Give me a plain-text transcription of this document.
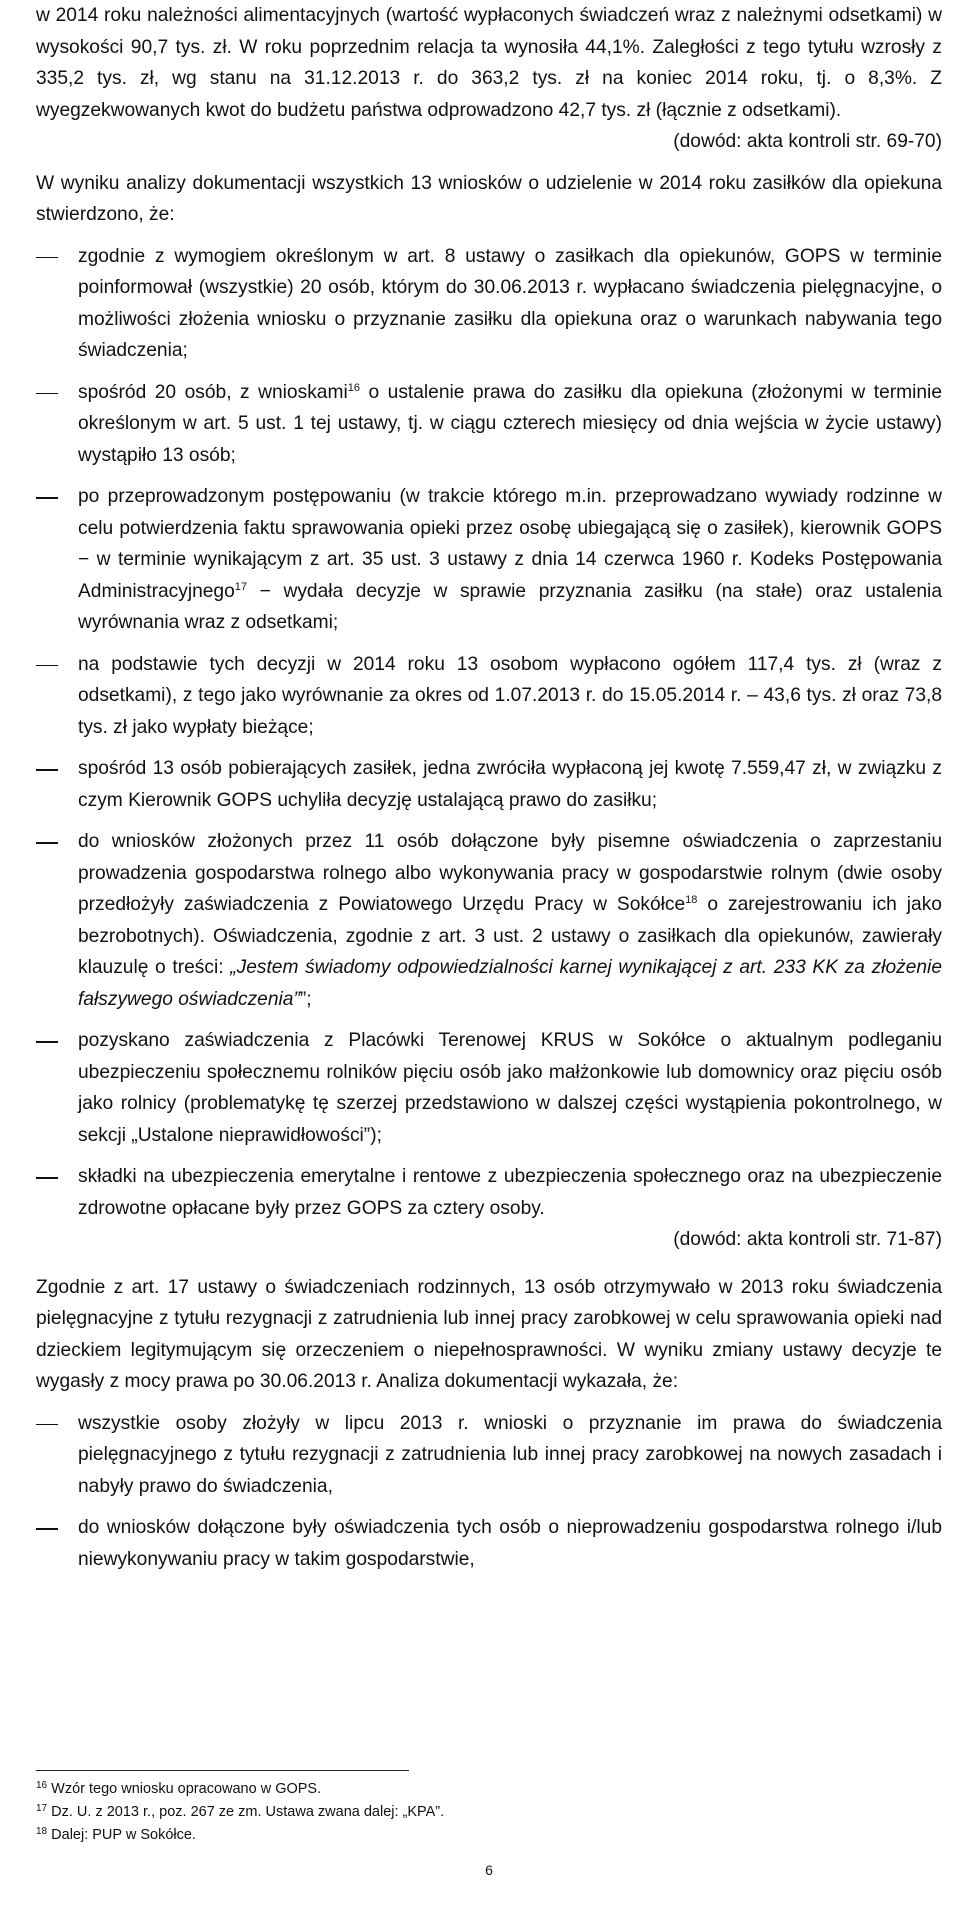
w 2014 roku należności alimentacyjnych (wartość wypłaconych świadczeń wraz z należnymi odsetkami) w wysokości 90,7 tys. zł. W roku poprzednim relacja ta wynosiła 44,1%. Zaległości z tego tytułu wzrosły z 335,2 tys. zł, wg stanu na 31.12.2013 r. do 363,2 tys. zł na koniec 2014 roku, tj. o 8,3%. Z wyegzekwowanych kwot do budżetu państwa odprowadzono 42,7 tys. zł (łącznie z odsetkami).

(dowód: akta kontroli str. 69-70)

W wyniku analizy dokumentacji wszystkich 13 wniosków o udzielenie w 2014 roku zasiłków dla opiekuna stwierdzono, że:

zgodnie z wymogiem określonym w art. 8 ustawy o zasiłkach dla opiekunów, GOPS w terminie poinformował (wszystkie) 20 osób, którym do 30.06.2013 r. wypłacano świadczenia pielęgnacyjne, o możliwości złożenia wniosku o przyznanie zasiłku dla opiekuna oraz o warunkach nabywania tego świadczenia;
spośród 20 osób, z wnioskami$^{16}$ o ustalenie prawa do zasiłku dla opiekuna (złożonymi w terminie określonym w art. 5 ust. 1 tej ustawy, tj. w ciągu czterech miesięcy od dnia wejścia w życie ustawy) wystąpiło 13 osób;
po przeprowadzonym postępowaniu (w trakcie którego m.in. przeprowadzano wywiady rodzinne w celu potwierdzenia faktu sprawowania opieki przez osobę ubiegającą się o zasiłek), kierownik GOPS − w terminie wynikającym z art. 35 ust. 3 ustawy z dnia 14 czerwca 1960 r. Kodeks Postępowania Administracyjnego$^{17}$ − wydała decyzje w sprawie przyznania zasiłku (na stałe) oraz ustalenia wyrównania wraz z odsetkami;
na podstawie tych decyzji w 2014 roku 13 osobom wypłacono ogółem 117,4 tys. zł (wraz z odsetkami), z tego jako wyrównanie za okres od 1.07.2013 r. do 15.05.2014 r. – 43,6 tys. zł oraz 73,8 tys. zł jako wypłaty bieżące;
spośród 13 osób pobierających zasiłek, jedna zwróciła wypłaconą jej kwotę 7.559,47 zł, w związku z czym Kierownik GOPS uchyliła decyzję ustalającą prawo do zasiłku;
do wniosków złożonych przez 11 osób dołączone były pisemne oświadczenia o zaprzestaniu prowadzenia gospodarstwa rolnego albo wykonywania pracy w gospodarstwie rolnym (dwie osoby przedłożyły zaświadczenia z Powiatowego Urzędu Pracy w Sokółce$^{18}$ o zarejestrowaniu ich jako bezrobotnych). Oświadczenia, zgodnie z art. 3 ust. 2 ustawy o zasiłkach dla opiekunów, zawierały klauzulę o treści: „Jestem świadomy odpowiedzialności karnej wynikającej z art. 233 KK za złożenie fałszywego oświadczenia””;
pozyskano zaświadczenia z Placówki Terenowej KRUS w Sokółce o aktualnym podleganiu ubezpieczeniu społecznemu rolników pięciu osób jako małżonkowie lub domownicy oraz pięciu osób jako rolnicy (problematykę tę szerzej przedstawiono w dalszej części wystąpienia pokontrolnego, w sekcji „Ustalone nieprawidłowości”);
składki na ubezpieczenia emerytalne i rentowe z ubezpieczenia społecznego oraz na ubezpieczenie zdrowotne opłacane były przez GOPS za cztery osoby.

(dowód: akta kontroli str. 71-87)

Zgodnie z art. 17 ustawy o świadczeniach rodzinnych, 13 osób otrzymywało w 2013 roku świadczenia pielęgnacyjne z tytułu rezygnacji z zatrudnienia lub innej pracy zarobkowej w celu sprawowania opieki nad dzieckiem legitymującym się orzeczeniem o niepełnosprawności. W wyniku zmiany ustawy decyzje te wygasły z mocy prawa po 30.06.2013 r. Analiza dokumentacji wykazała, że:

wszystkie osoby złożyły w lipcu 2013 r. wnioski o przyznanie im prawa do świadczenia pielęgnacyjnego z tytułu rezygnacji z zatrudnienia lub innej pracy zarobkowej na nowych zasadach i nabyły prawo do świadczenia,
do wniosków dołączone były oświadczenia tych osób o nieprowadzeniu gospodarstwa rolnego i/lub niewykonywaniu pracy w takim gospodarstwie,

$^{16}$ Wzór tego wniosku opracowano w GOPS.

$^{17}$ Dz. U. z 2013 r., poz. 267 ze zm. Ustawa zwana dalej: „KPA”.

$^{18}$ Dalej: PUP w Sokółce.

6
